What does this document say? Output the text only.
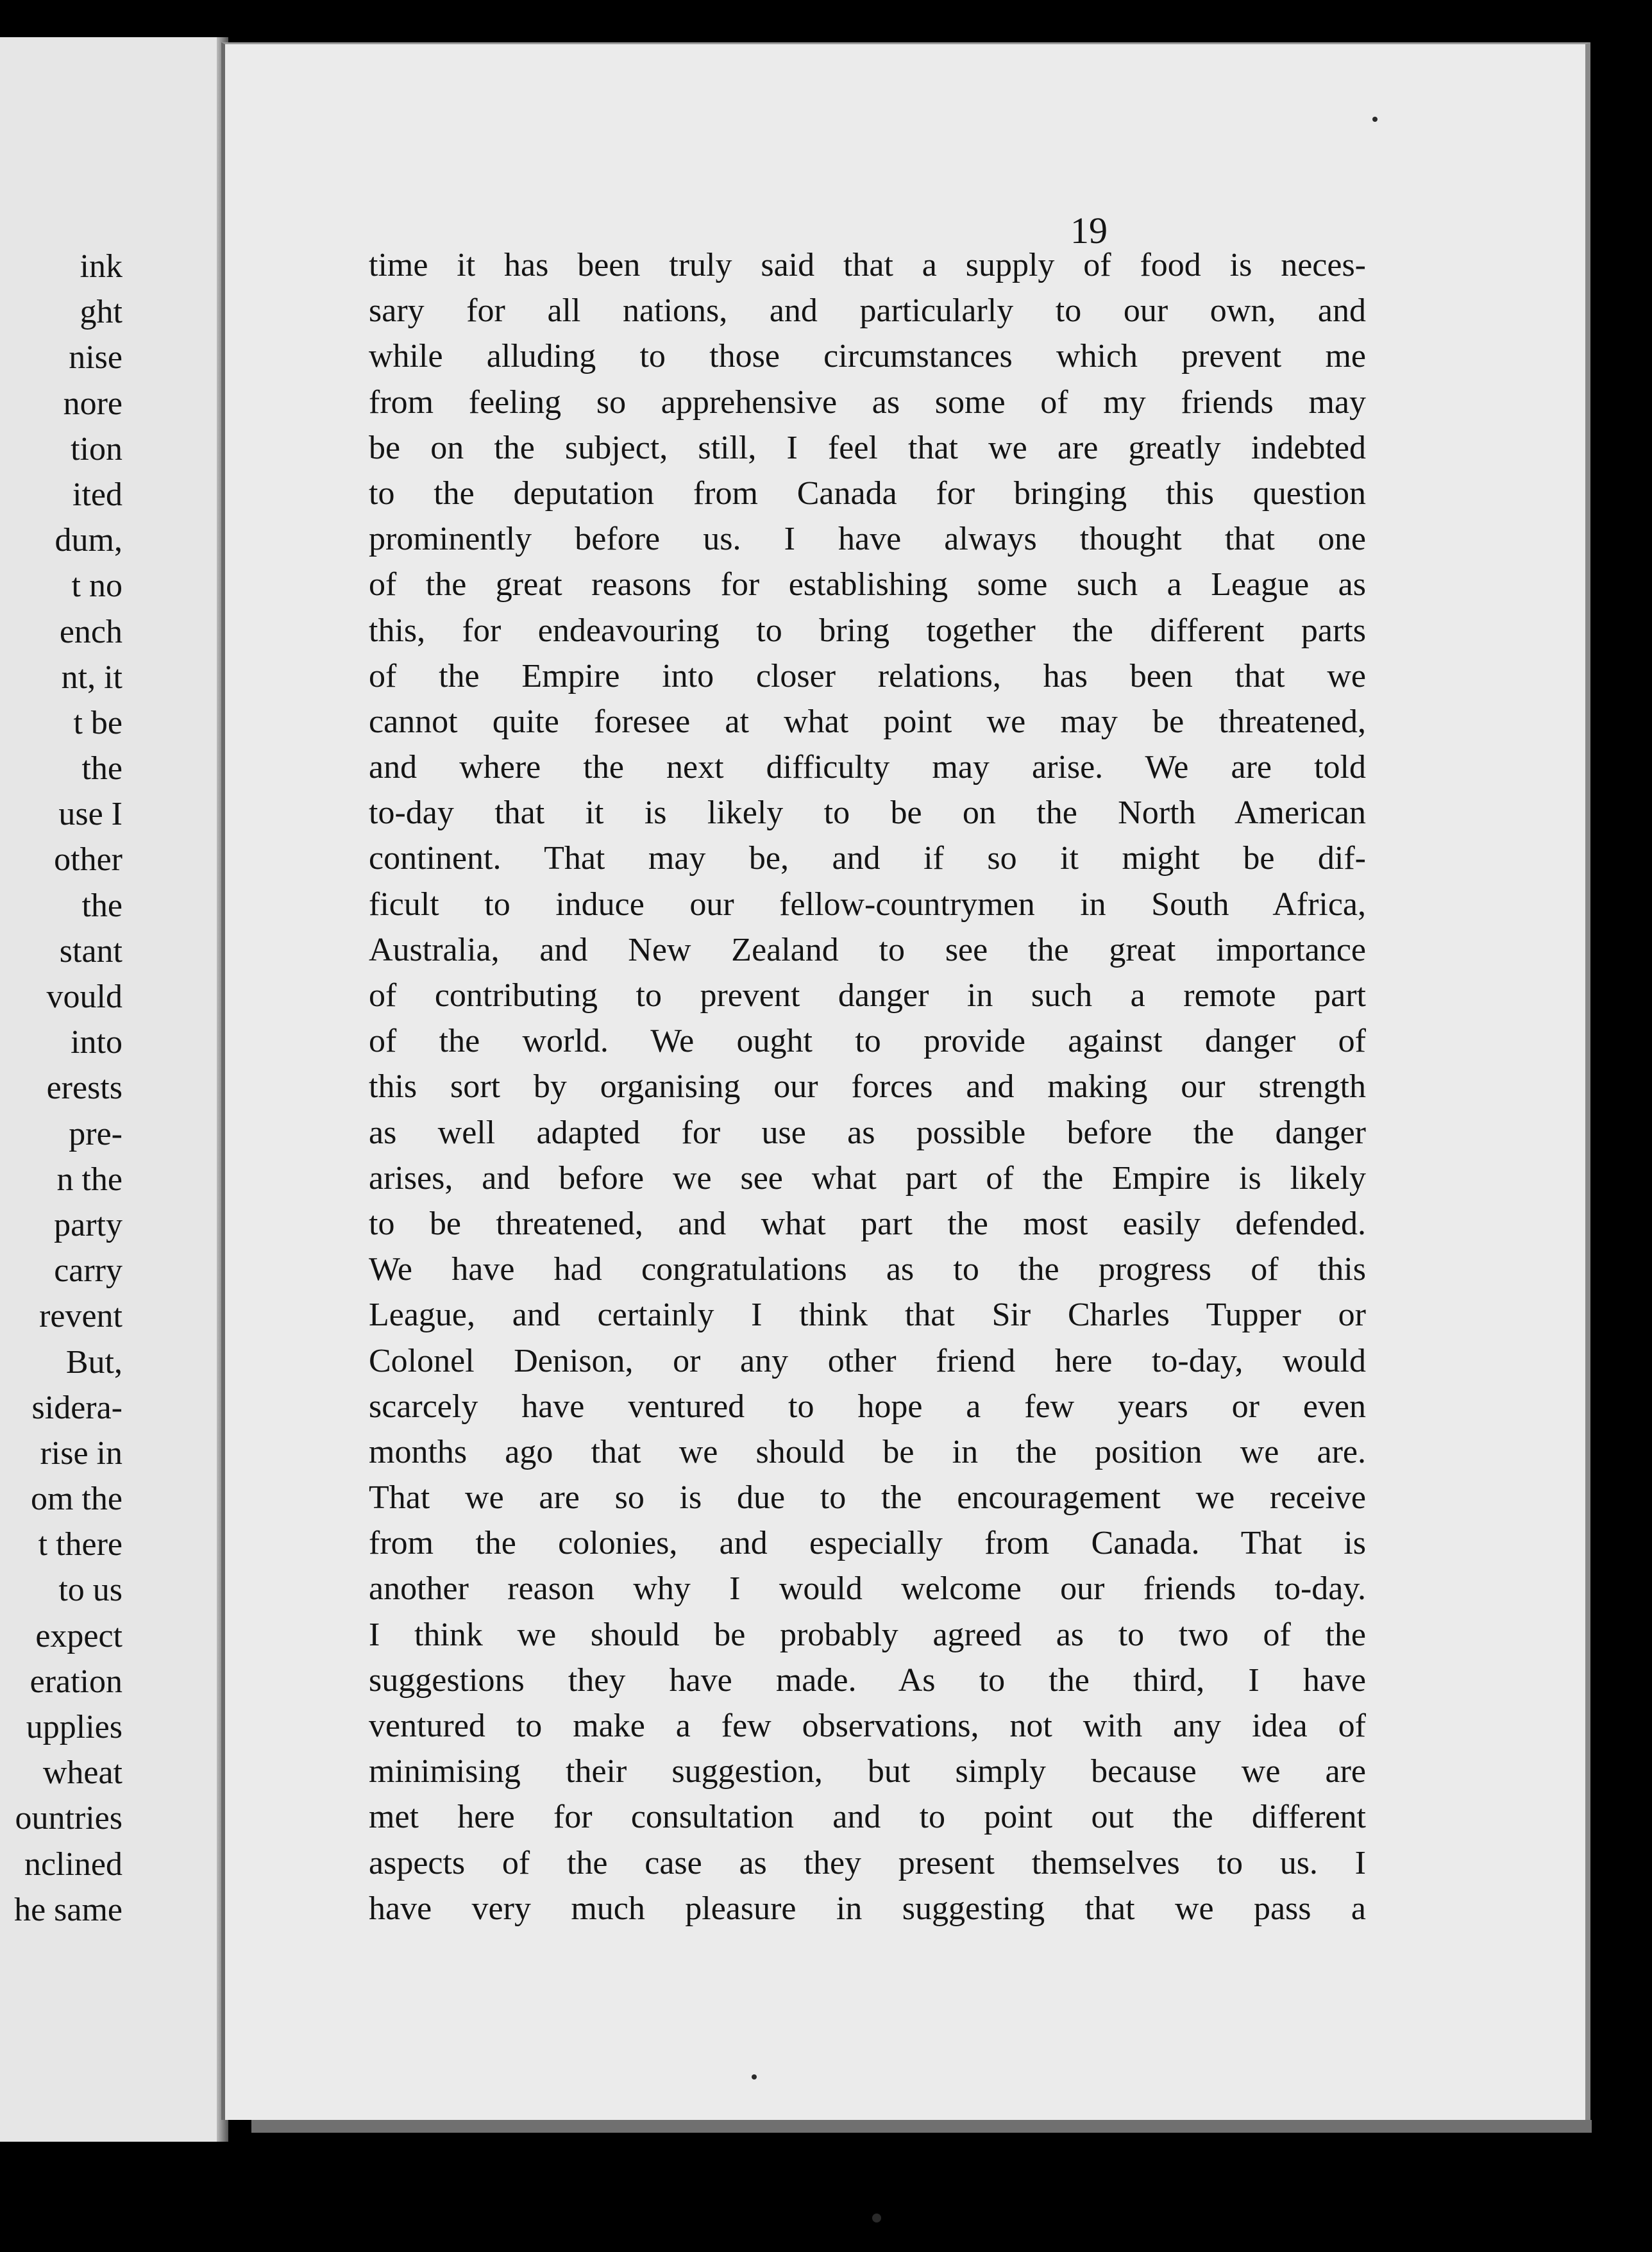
ink
ght
nise
nore
tion
ited
dum,
t no
ench
nt, it
t be
the
use I
other
the
stant
vould
into
erests
pre-
n the
party
carry
revent
But,
sidera-
rise in
om the
t there
to us
expect
eration
upplies
wheat
ountries
nclined
he same
19
time it has been truly said that a supply of food is neces-
sary for all nations, and particularly to our own, and
while alluding to those circumstances which prevent me
from feeling so apprehensive as some of my friends may
be on the subject, still, I feel that we are greatly indebted
to the deputation from Canada for bringing this question
prominently before us. I have always thought that one
of the great reasons for establishing some such a League as
this, for endeavouring to bring together the different parts
of the Empire into closer relations, has been that we
cannot quite foresee at what point we may be threatened,
and where the next difficulty may arise. We are told
to-day that it is likely to be on the North American
continent. That may be, and if so it might be dif-
ficult to induce our fellow-countrymen in South Africa,
Australia, and New Zealand to see the great importance
of contributing to prevent danger in such a remote part
of the world. We ought to provide against danger of
this sort by organising our forces and making our strength
as well adapted for use as possible before the danger
arises, and before we see what part of the Empire is likely
to be threatened, and what part the most easily defended.
We have had congratulations as to the progress of this
League, and certainly I think that Sir Charles Tupper or
Colonel Denison, or any other friend here to-day, would
scarcely have ventured to hope a few years or even
months ago that we should be in the position we are.
That we are so is due to the encouragement we receive
from the colonies, and especially from Canada. That is
another reason why I would welcome our friends to-day.
I think we should be probably agreed as to two of the
suggestions they have made. As to the third, I have
ventured to make a few observations, not with any idea of
minimising their suggestion, but simply because we are
met here for consultation and to point out the different
aspects of the case as they present themselves to us. I
have very much pleasure in suggesting that we pass a
